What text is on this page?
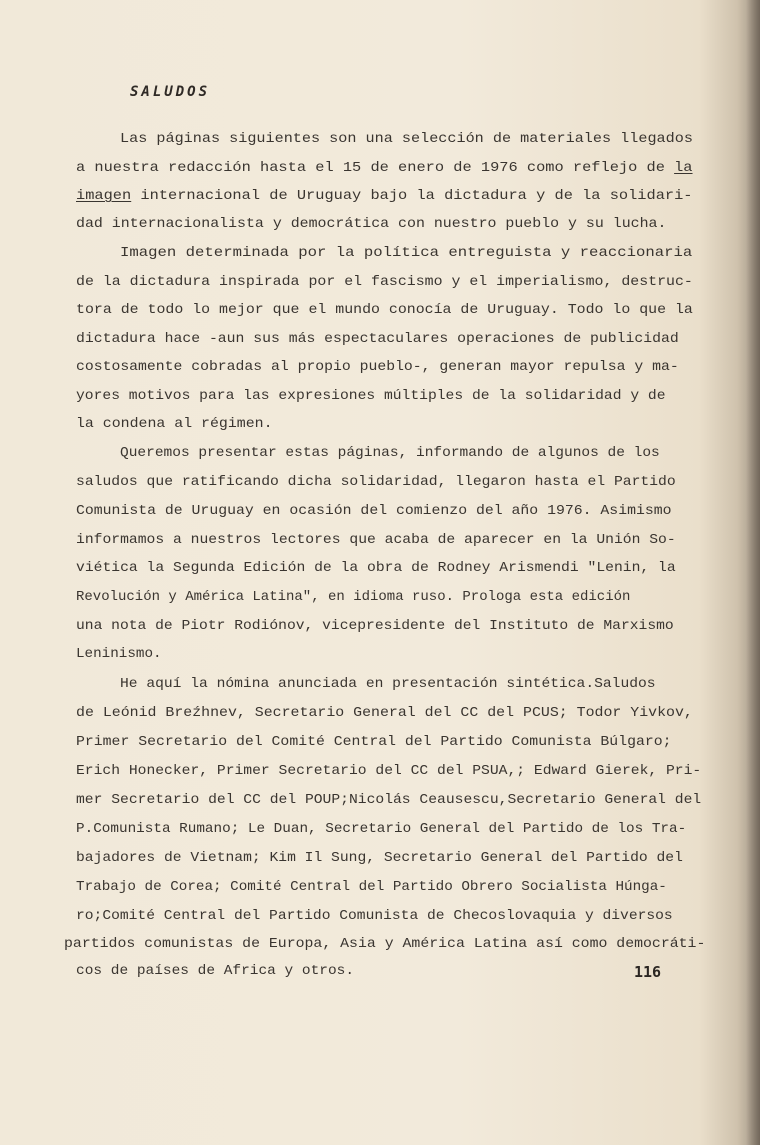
SALUDOS
Las páginas siguientes son una selección de materiales llegados
a nuestra redacción hasta el 15 de enero de 1976 como reflejo de la
imagen internacional de Uruguay bajo la dictadura y de la solidari-
dad internacionalista y democrática con nuestro pueblo y su lucha.
Imagen determinada por la política entreguista y reaccionaria
de la dictadura inspirada por el fascismo y el imperialismo, destruc-
tora de todo lo mejor que el mundo conocía de Uruguay. Todo lo que la
dictadura hace -aun sus más espectaculares operaciones de publicidad
costosamente cobradas al propio pueblo-, generan mayor repulsa y ma-
yores motivos para las expresiones múltiples de la solidaridad y de
la condena al régimen.
Queremos presentar estas páginas, informando de algunos de los
saludos que ratificando dicha solidaridad, llegaron hasta el Partido
Comunista de Uruguay en ocasión del comienzo del año 1976. Asimismo
informamos a nuestros lectores que acaba de aparecer en la Unión So-
viética la Segunda Edición de la obra de Rodney Arismendi "Lenin, la
Revolución y América Latina", en idioma ruso. Prologa esta edición
una nota de Piotr Rodiónov, vicepresidente del Instituto de Marxismo
Leninismo.
He aquí la nómina anunciada en presentación sintética.Saludos
de Leónid Breźhnev, Secretario General del CC del PCUS; Todor Yivkov,
Primer Secretario del Comité Central del Partido Comunista Búlgaro;
Erich Honecker, Primer Secretario del CC del PSUA,; Edward Gierek, Pri-
mer Secretario del CC del POUP;Nicolás Ceausescu,Secretario General del
P.Comunista Rumano; Le Duan, Secretario General del Partido de los Tra-
bajadores de Vietnam; Kim Il Sung, Secretario General del Partido del
Trabajo de Corea; Comité Central del Partido Obrero Socialista Húnga-
ro;Comité Central del Partido Comunista de Checoslovaquia y diversos
partidos comunistas de Europa, Asia y América Latina así como democráti-
cos de países de Africa y otros.	116
